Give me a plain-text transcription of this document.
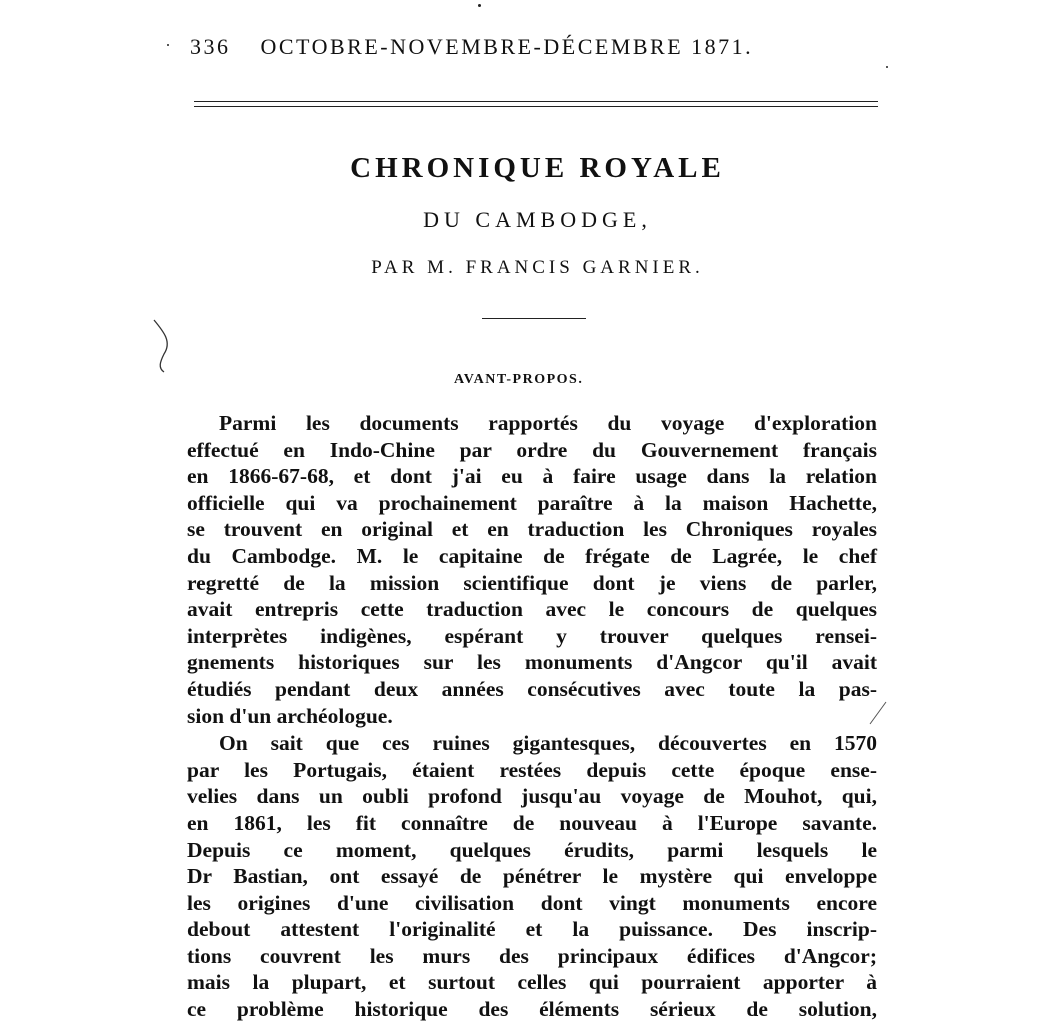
336 OCTOBRE-NOVEMBRE-DÉCEMBRE 1871.
CHRONIQUE ROYALE
DU CAMBODGE,
PAR M. FRANCIS GARNIER.
AVANT-PROPOS.
Parmi les documents rapportés du voyage d'exploration
effectué en Indo-Chine par ordre du Gouvernement français
en 1866-67-68, et dont j'ai eu à faire usage dans la relation
officielle qui va prochainement paraître à la maison Hachette,
se trouvent en original et en traduction les Chroniques royales
du Cambodge. M. le capitaine de frégate de Lagrée, le chef
regretté de la mission scientifique dont je viens de parler,
avait entrepris cette traduction avec le concours de quelques
interprètes indigènes, espérant y trouver quelques rensei-
gnements historiques sur les monuments d'Angcor qu'il avait
étudiés pendant deux années consécutives avec toute la pas-
sion d'un archéologue.
On sait que ces ruines gigantesques, découvertes en 1570
par les Portugais, étaient restées depuis cette époque ense-
velies dans un oubli profond jusqu'au voyage de Mouhot, qui,
en 1861, les fit connaître de nouveau à l'Europe savante.
Depuis ce moment, quelques érudits, parmi lesquels le
Dr Bastian, ont essayé de pénétrer le mystère qui enveloppe
les origines d'une civilisation dont vingt monuments encore
debout attestent l'originalité et la puissance. Des inscrip-
tions couvrent les murs des principaux édifices d'Angcor;
mais la plupart, et surtout celles qui pourraient apporter à
ce problème historique des éléments sérieux de solution,
